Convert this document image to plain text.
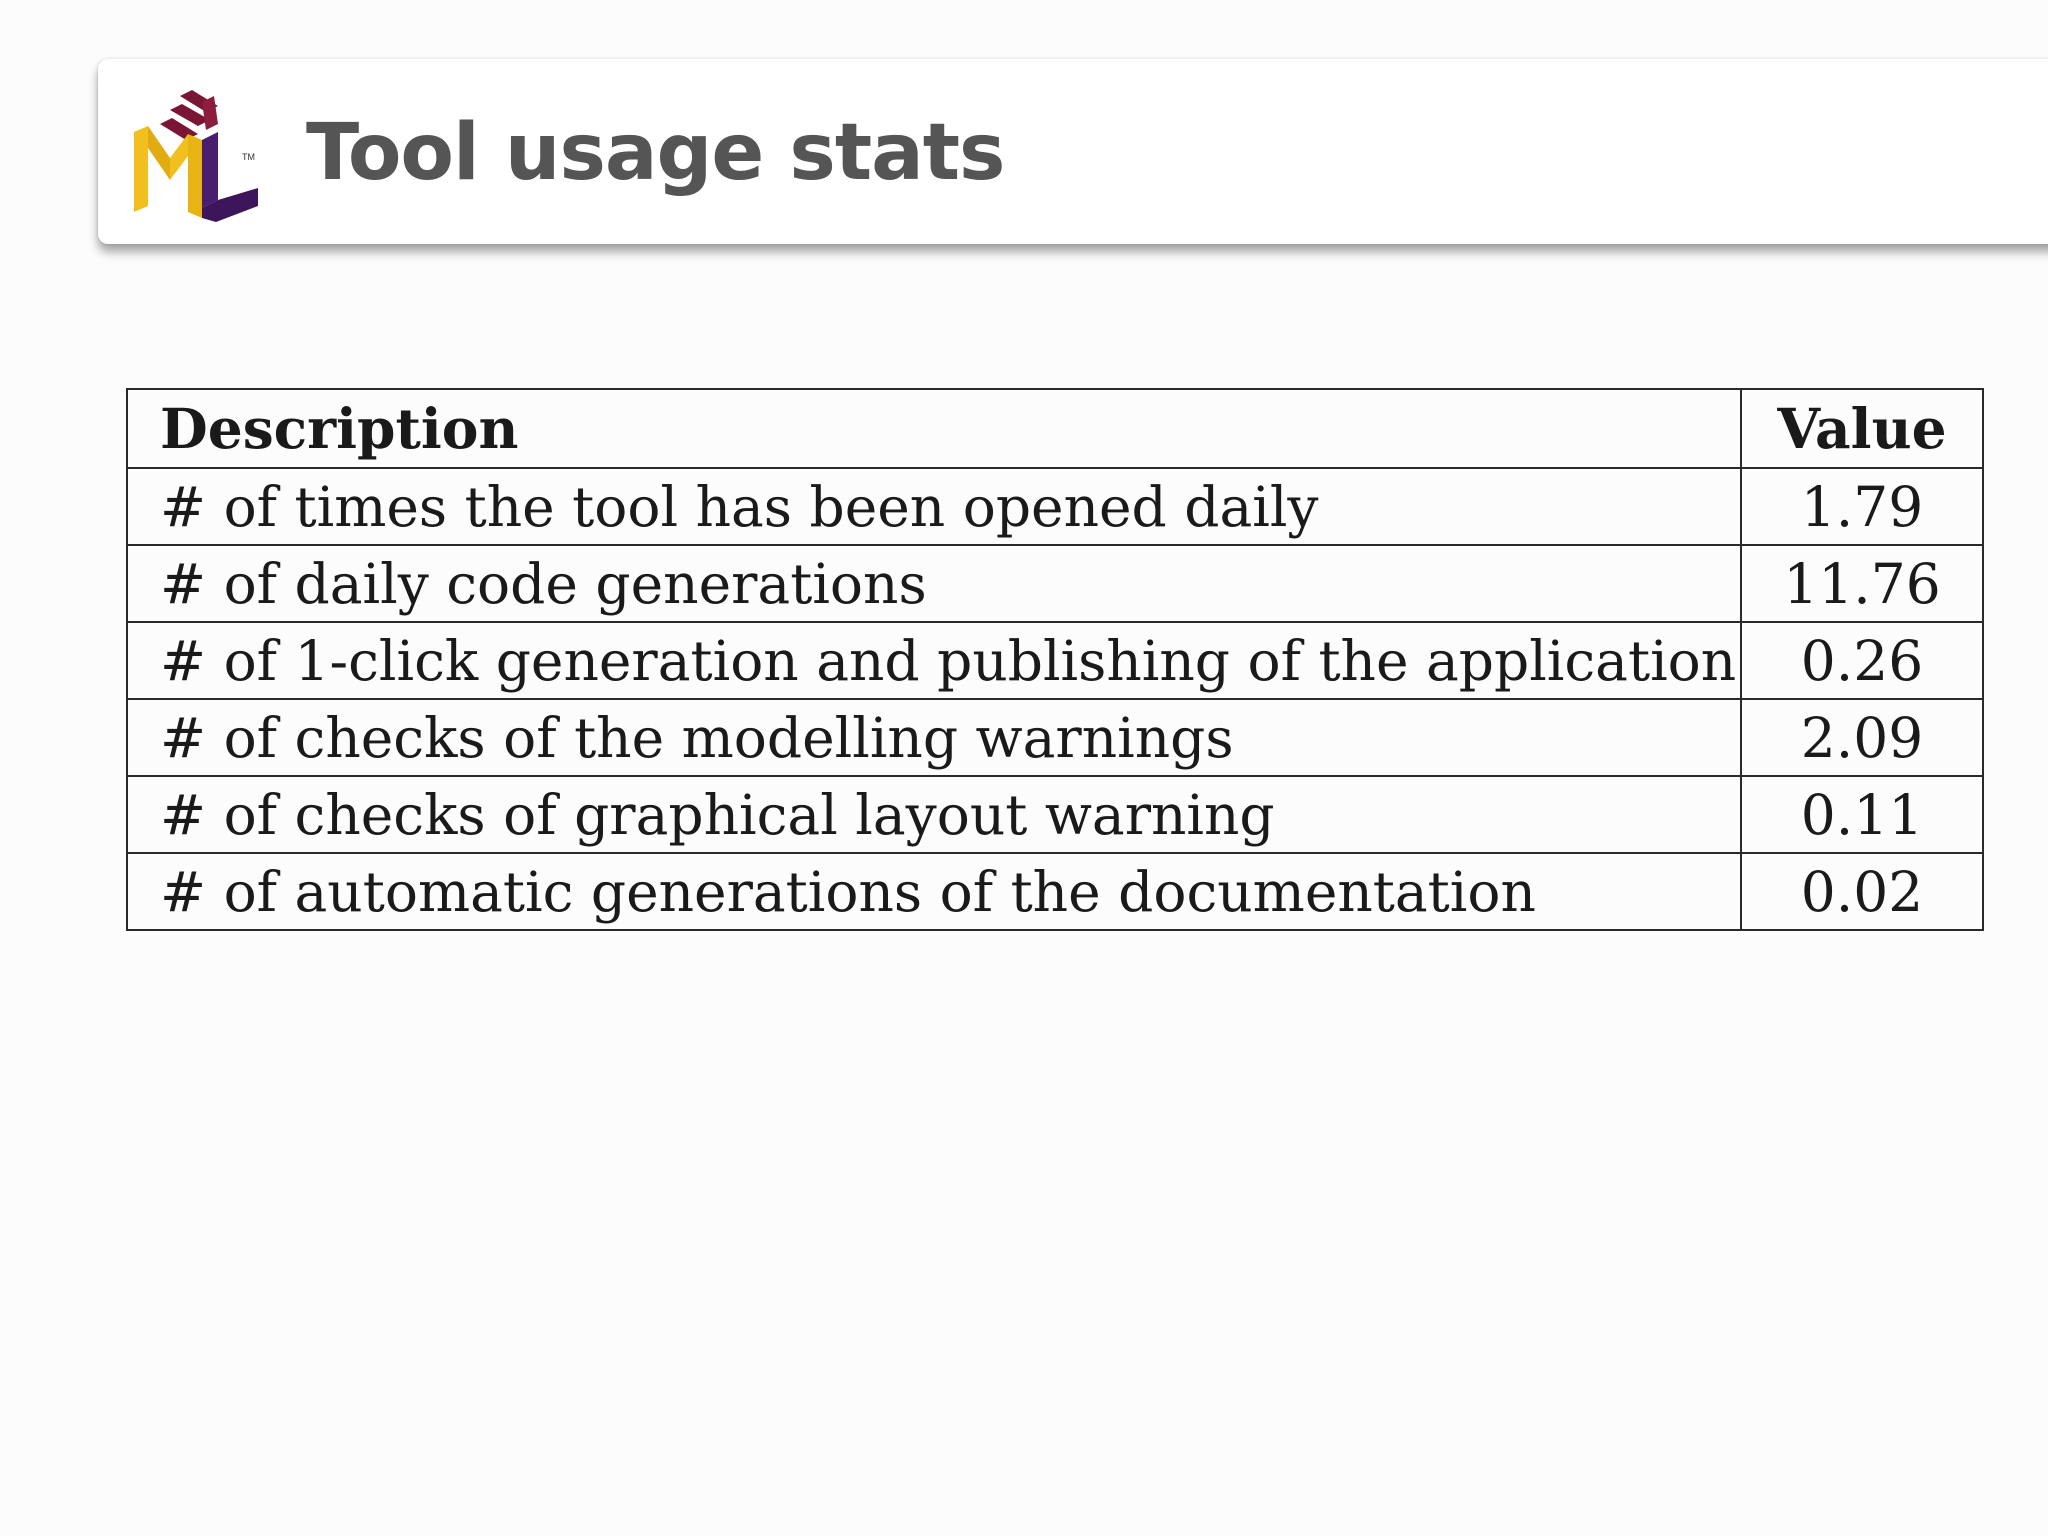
TM Tool usage stats
Description	Value
# of times the tool has been opened daily	1.79
# of daily code generations	11.76
# of 1-click generation and publishing of the application	0.26
# of checks of the modelling warnings	2.09
# of checks of graphical layout warning	0.11
# of automatic generations of the documentation	0.02
